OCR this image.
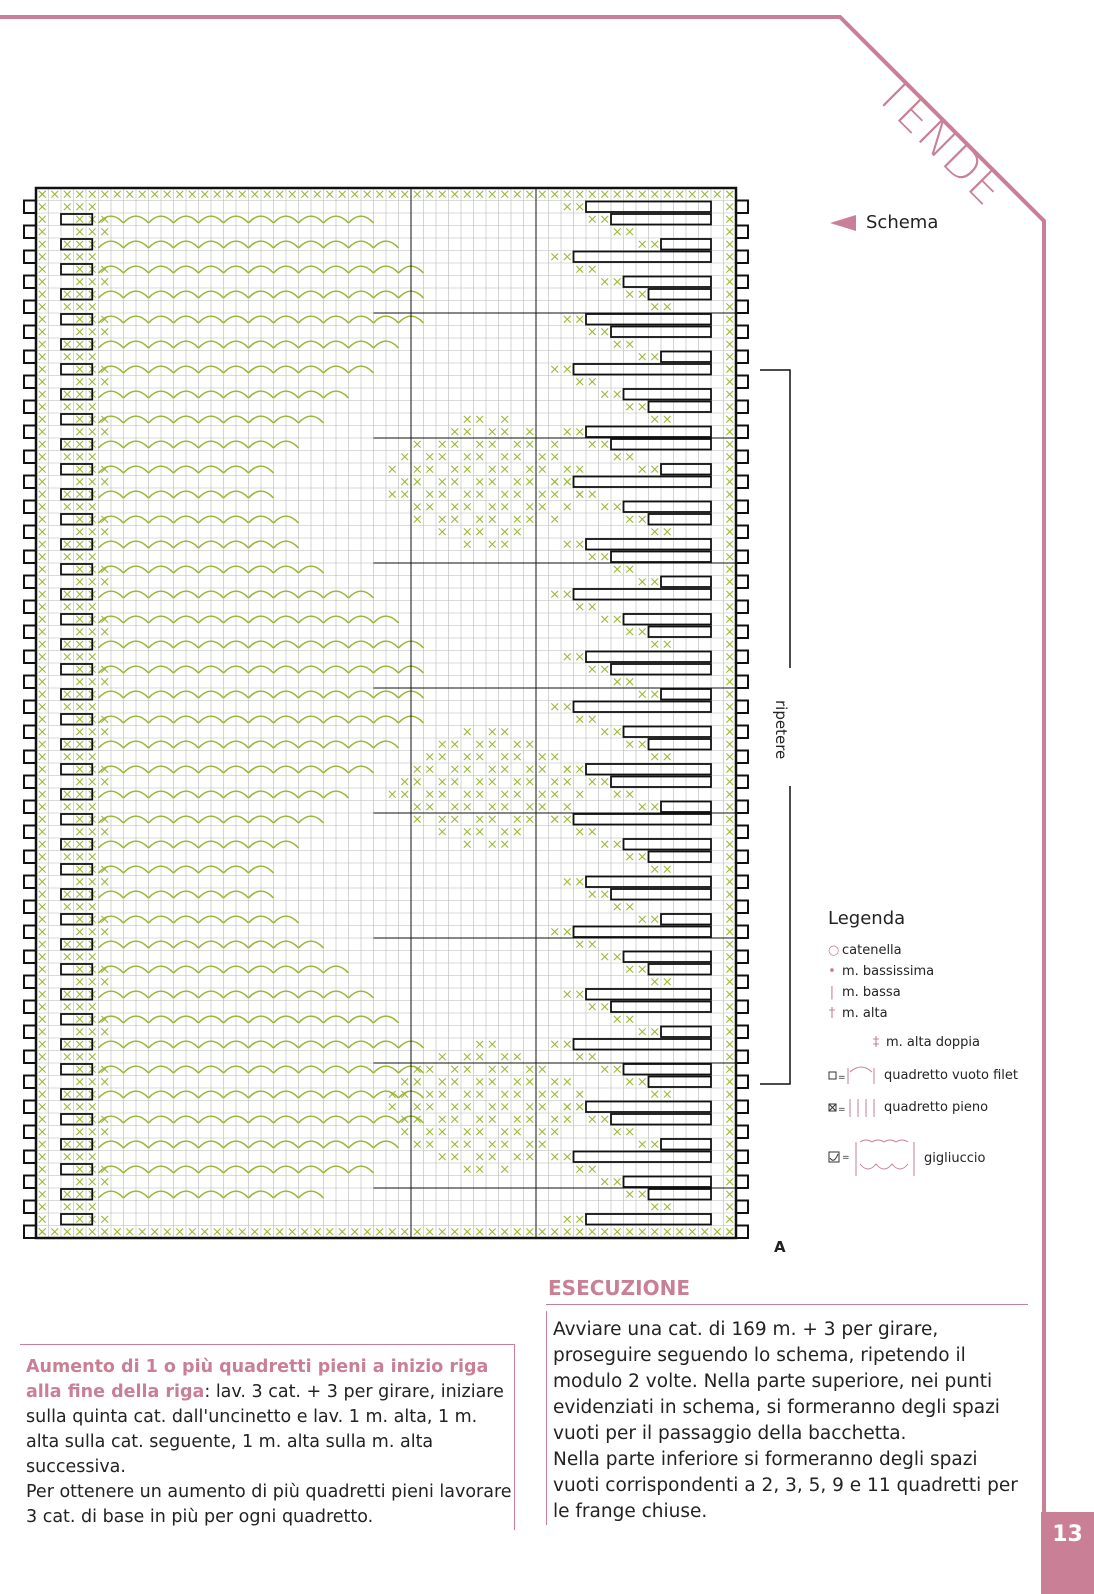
TENDE
Schema
ripetere
A
Legenda
○ catenella
• m. bassissima
| m. bassa
† m. alta
‡ m. alta doppia
=	quadretto vuoto filet
=	quadretto pieno
=	gigliuccio
ESECUZIONE
Avviare una cat. di 169 m. + 3 per girare, proseguire seguendo lo schema, ripetendo il modulo 2 volte. Nella parte superiore, nei punti evidenziati in schema, si formeranno degli spazi vuoti per il passaggio della bacchetta.
Nella parte inferiore si formeranno degli spazi vuoti corrispondenti a 2, 3, 5, 9 e 11 quadretti per le frange chiuse.
Aumento di 1 o più quadretti pieni a inizio riga alla fine della riga: lav. 3 cat. + 3 per girare, iniziare sulla quinta cat. dall'uncinetto e lav. 1 m. alta, 1 m. alta sulla cat. seguente, 1 m. alta sulla m. alta successiva.
Per ottenere un aumento di più quadretti pieni lavorare 3 cat. di base in più per ogni quadretto.
13
